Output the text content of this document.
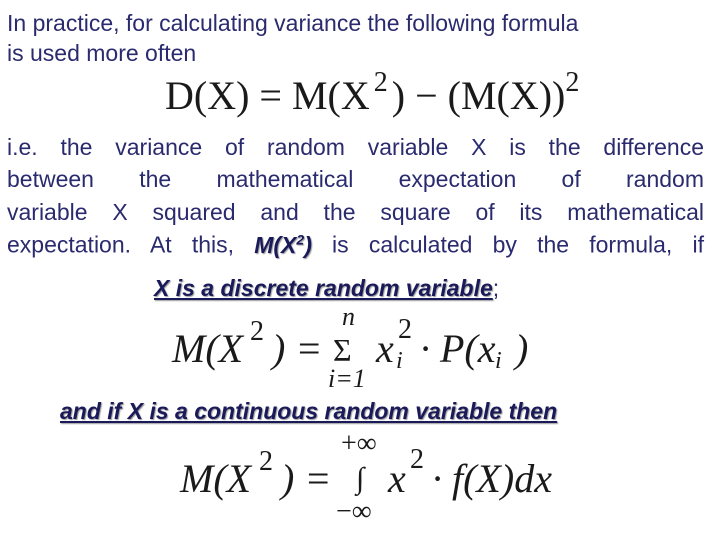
In practice, for calculating variance the following formula
is used more often
D(X) = M(X $^2$ ) − $(M(X))^2$
i.e. the variance of random variable X is the difference
between the mathematical expectation of random
variable X squared and the square of its mathematical
expectation. At this, $M(X^2)$ is calculated by the formula, if
X is a discrete random variable;
M(X 2 ) =
n
Σ
i=1
x 2
i · P(x i )
and if X is a continuous random variable then
M(X 2 ) =
+∞
∫
−∞
x 2 · f(X)dx
